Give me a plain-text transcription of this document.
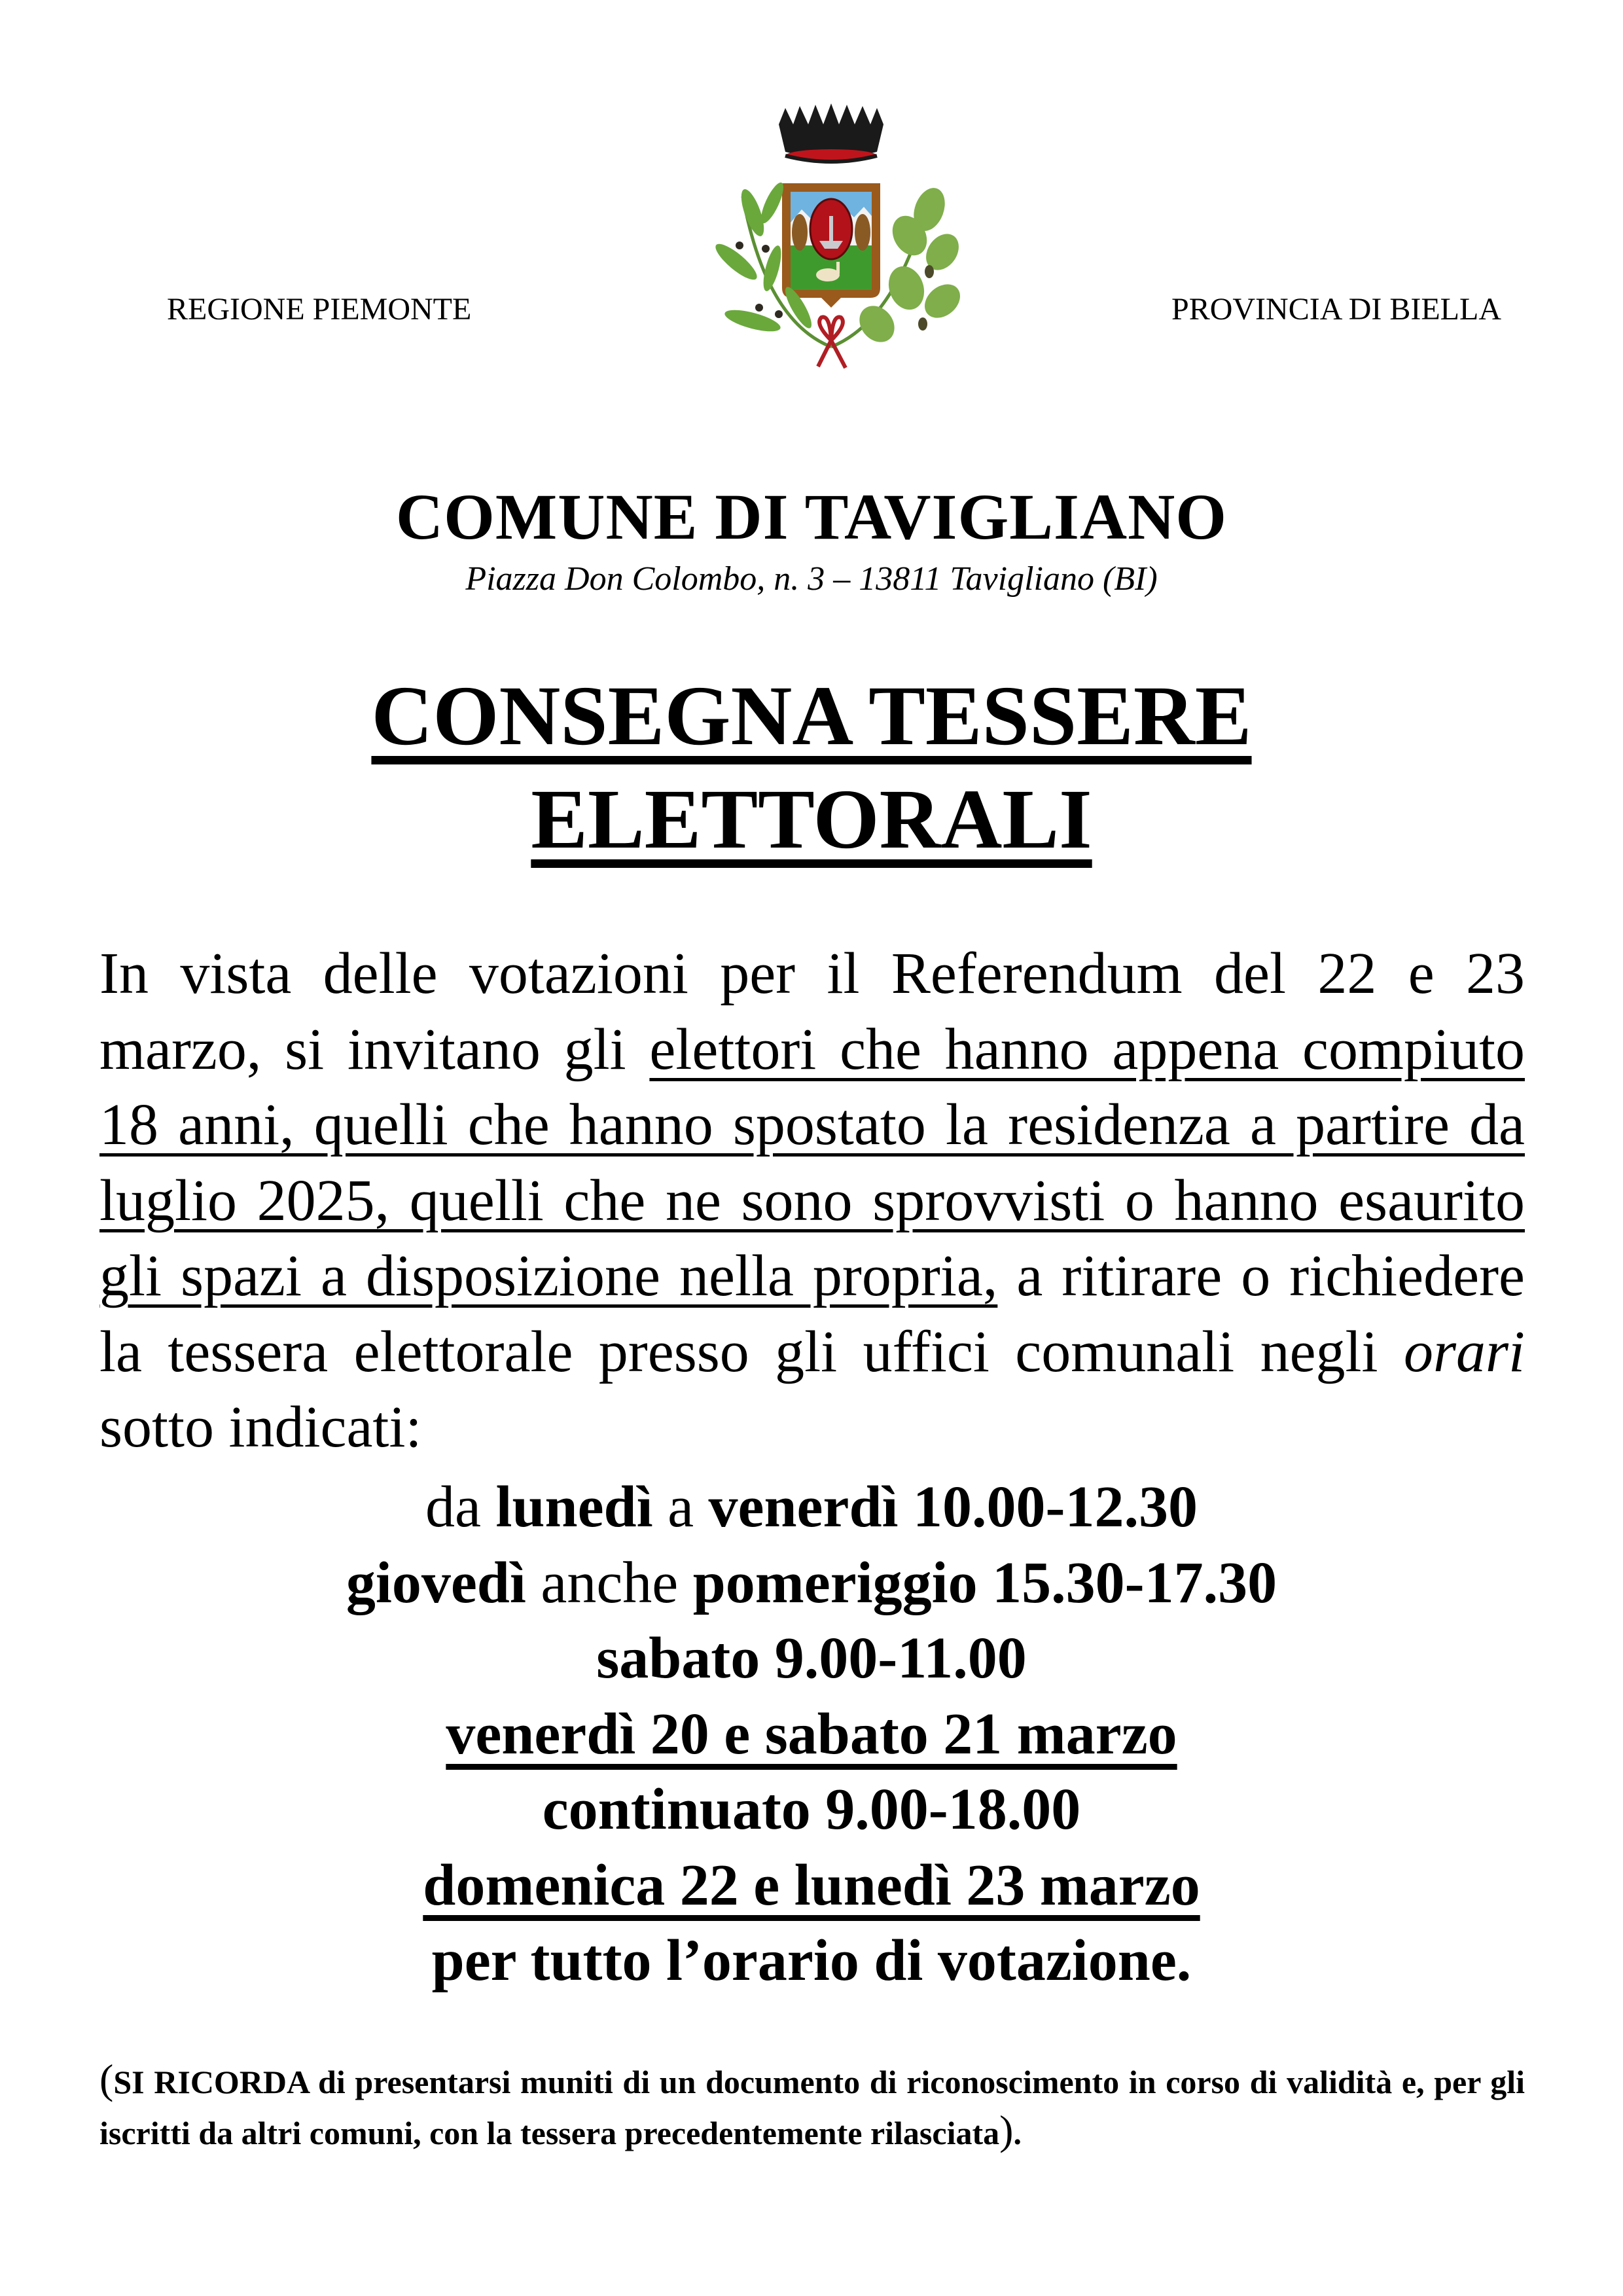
REGIONE PIEMONTE	PROVINCIA DI BIELLA
COMUNE DI TAVIGLIANO
Piazza Don Colombo, n. 3 – 13811 Tavigliano (BI)
CONSEGNA TESSERE
ELETTORALI
In vista delle votazioni per il Referendum del 22 e 23 marzo, si invitano gli elettori che hanno appena compiuto 18 anni, quelli che hanno spostato la residenza a partire da luglio 2025, quelli che ne sono sprovvisti o hanno esaurito gli spazi a disposizione nella propria, a ritirare o richiedere la tessera elettorale presso gli uffici comunali negli orari sotto indicati:
da lunedì a venerdì 10.00-12.30
giovedì anche pomeriggio 15.30-17.30
sabato 9.00-11.00
venerdì 20 e sabato 21 marzo
continuato 9.00-18.00
domenica 22 e lunedì 23 marzo
per tutto l’orario di votazione.
(SI RICORDA di presentarsi muniti di un documento di riconoscimento in corso di validità e, per gli iscritti da altri comuni, con la tessera precedentemente rilasciata).
